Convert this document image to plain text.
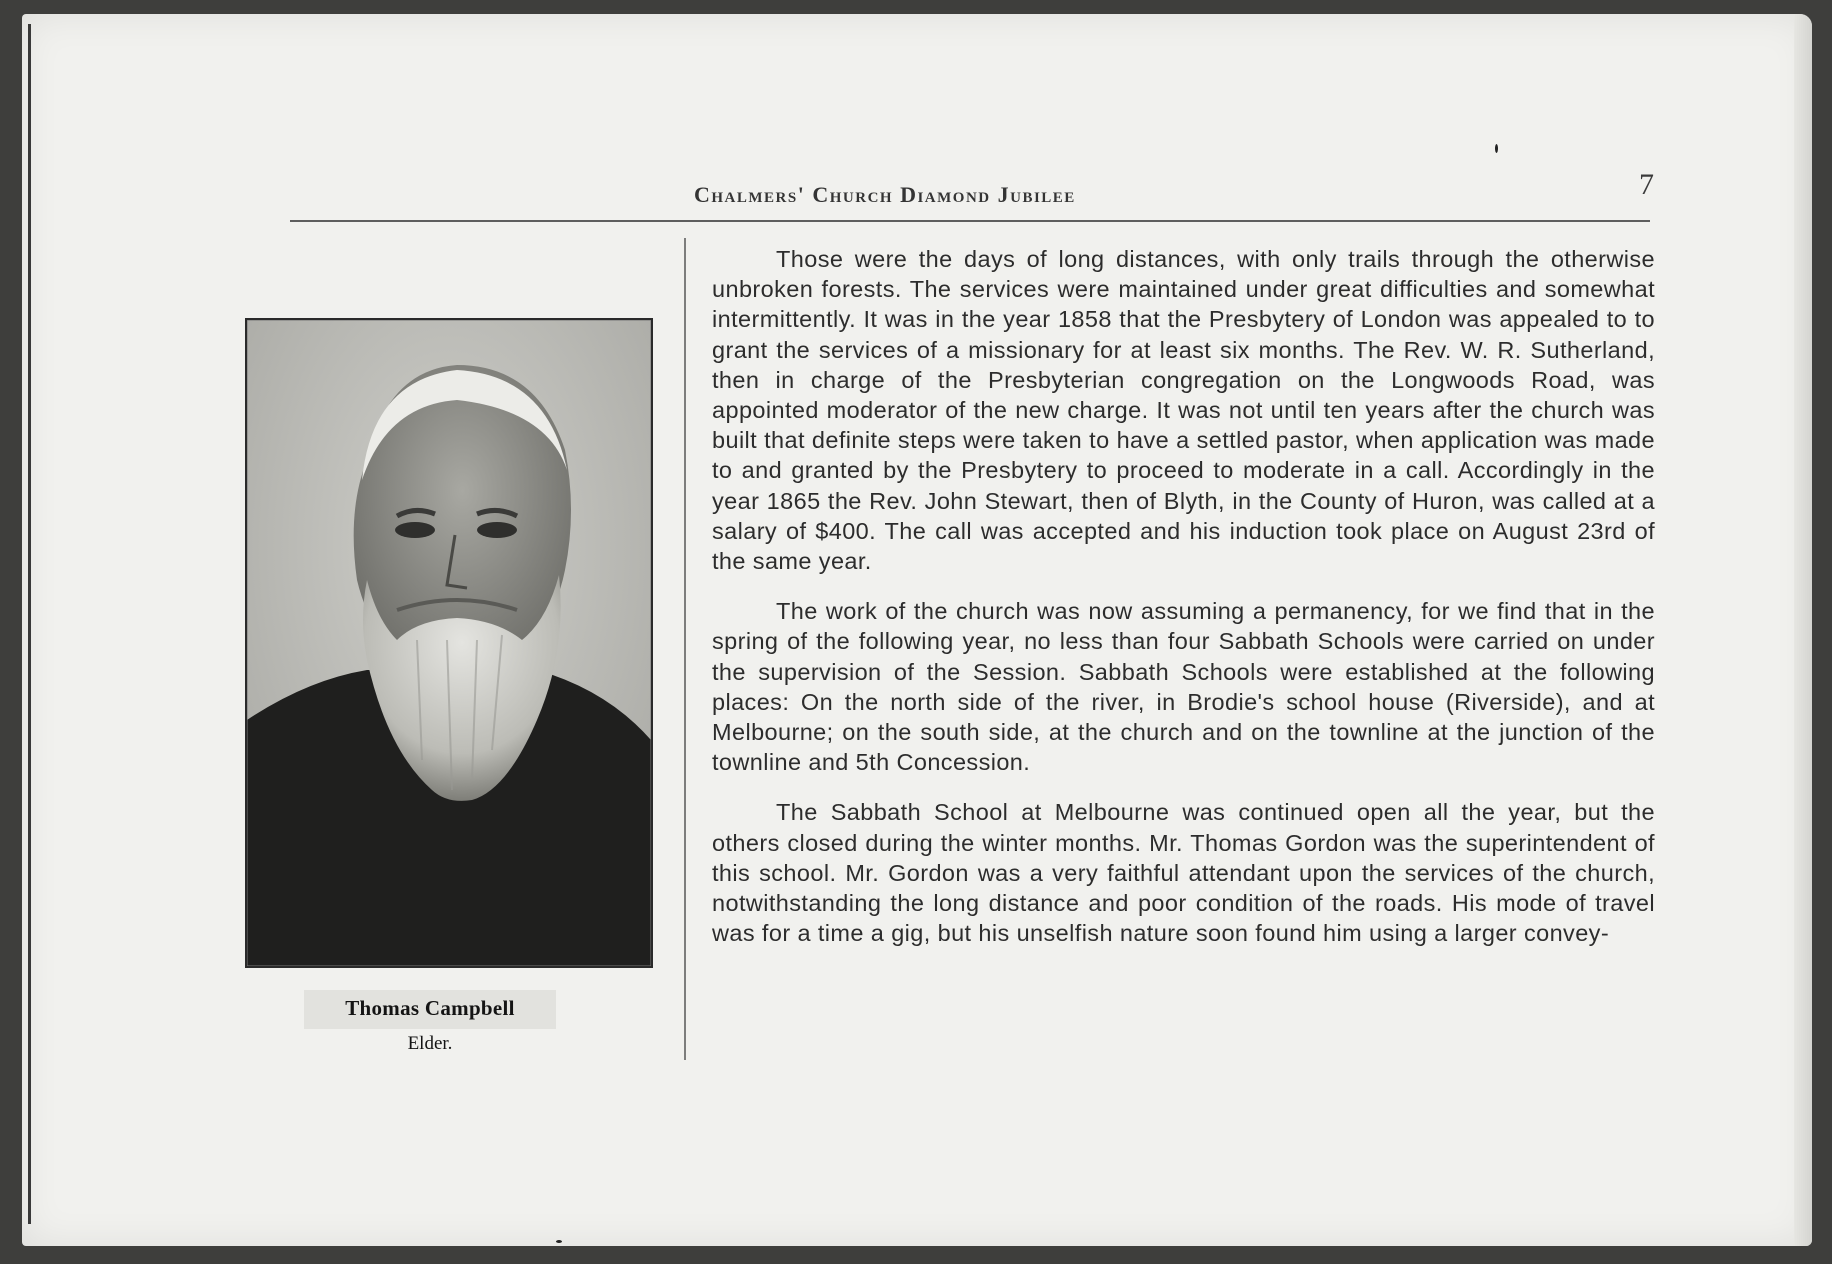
Chalmers' Church Diamond Jubilee	7
Thomas Campbell
Elder.

Those were the days of long distances, with only trails through the otherwise unbroken forests. The services were maintained under great difficulties and somewhat intermittently. It was in the year 1858 that the Presbytery of London was appealed to to grant the services of a missionary for at least six months. The Rev. W. R. Sutherland, then in charge of the Presbyterian congregation on the Longwoods Road, was appointed moderator of the new charge. It was not until ten years after the church was built that definite steps were taken to have a settled pastor, when application was made to and granted by the Presbytery to proceed to moderate in a call. Accordingly in the year 1865 the Rev. John Stewart, then of Blyth, in the County of Huron, was called at a salary of $400. The call was accepted and his induction took place on August 23rd of the same year.

The work of the church was now assuming a permanency, for we find that in the spring of the following year, no less than four Sabbath Schools were carried on under the supervision of the Session. Sabbath Schools were established at the following places: On the north side of the river, in Brodie's school house (Riverside), and at Melbourne; on the south side, at the church and on the townline at the junction of the townline and 5th Concession.

The Sabbath School at Melbourne was continued open all the year, but the others closed during the winter months. Mr. Thomas Gordon was the superintendent of this school. Mr. Gordon was a very faithful attendant upon the services of the church, notwithstanding the long distance and poor condition of the roads. His mode of travel was for a time a gig, but his unselfish nature soon found him using a larger convey-
